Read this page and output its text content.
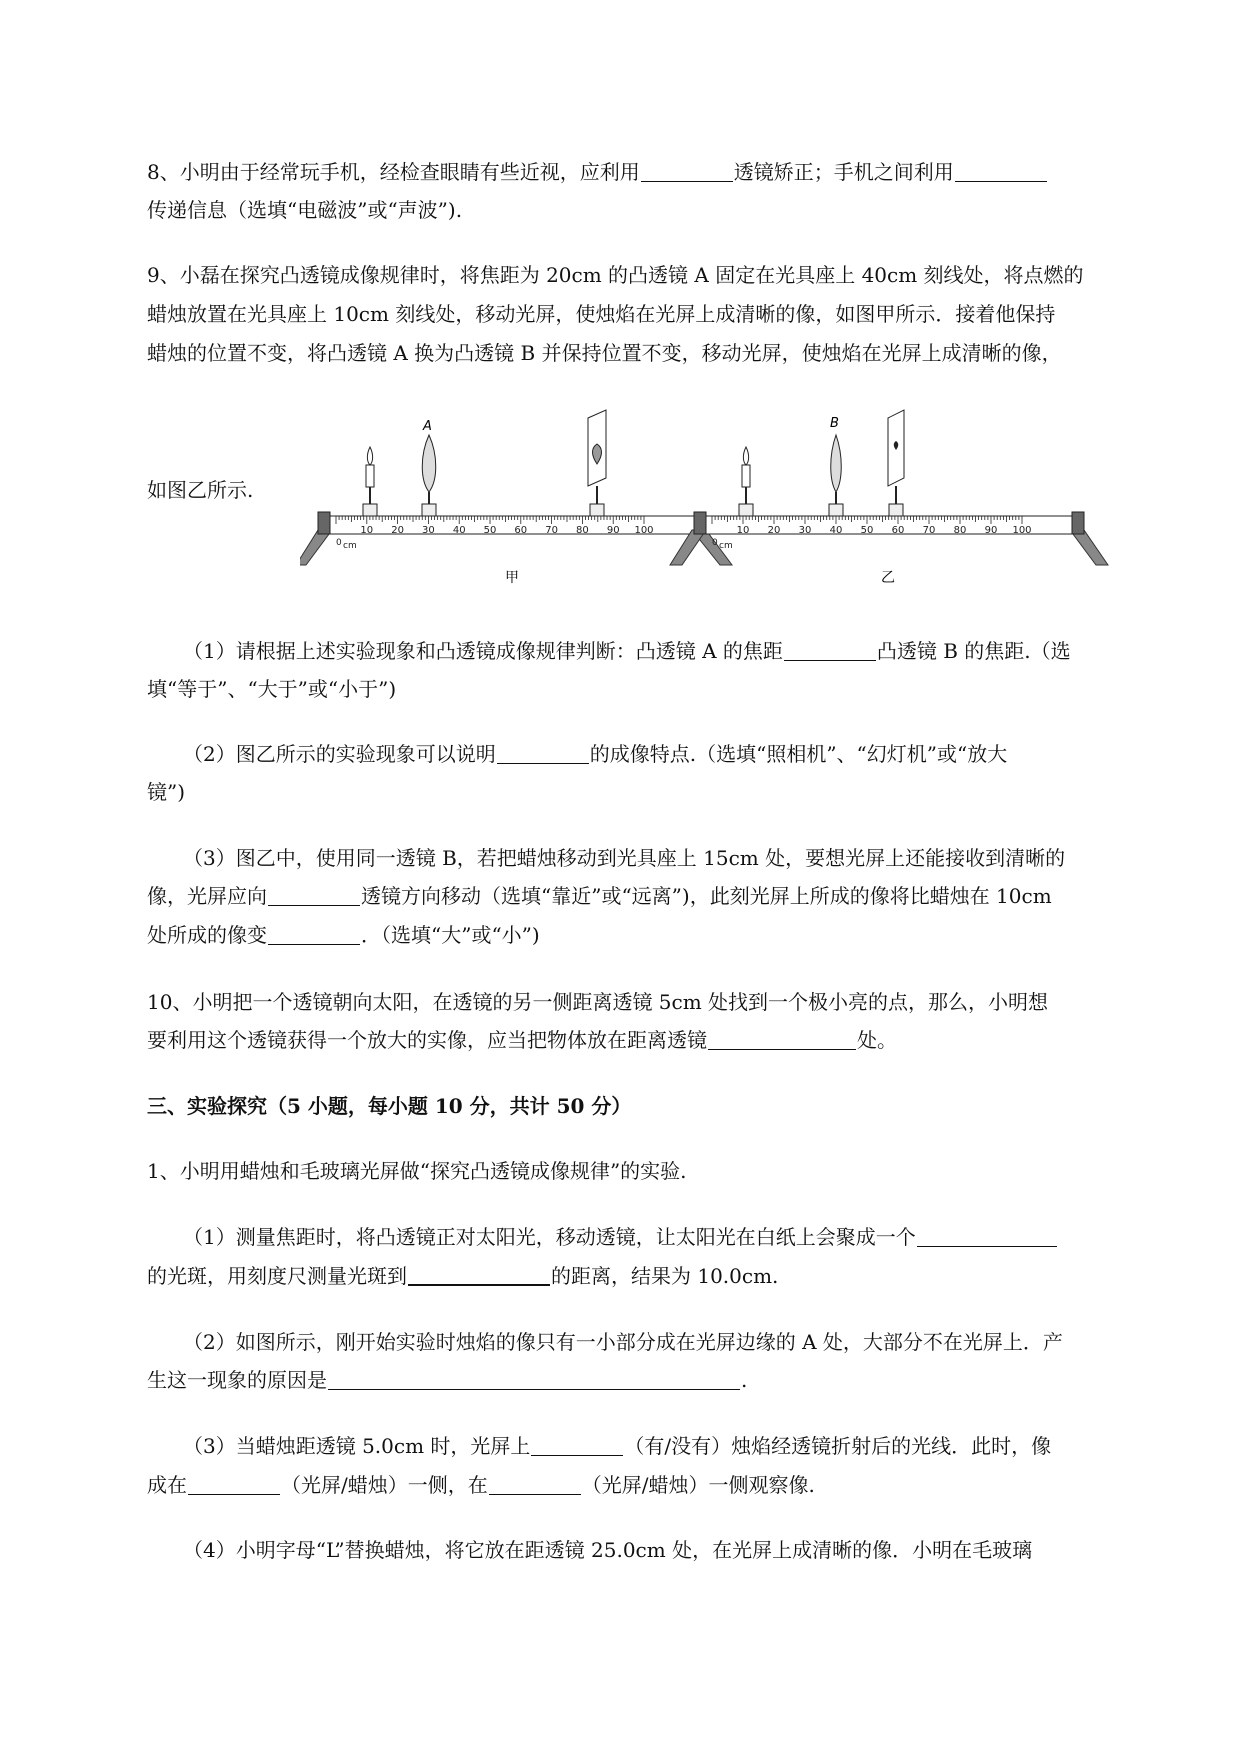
8、小明由于经常玩手机，经检查眼睛有些近视，应利用	透镜矫正；手机之间利用
传递信息（选填“电磁波”或“声波”).
9、小磊在探究凸透镜成像规律时，将焦距为 20cm 的凸透镜 A 固定在光具座上 40cm 刻线处，将点燃的
蜡烛放置在光具座上 10cm 刻线处，移动光屏，使烛焰在光屏上成清晰的像，如图甲所示．接着他保持
蜡烛的位置不变，将凸透镜 A 换为凸透镜 B 并保持位置不变，移动光屏，使烛焰在光屏上成清晰的像，
如图乙所示.
0 cm
10 20 30 40 50 60 70 80 90 100
A
甲
0 cm
10 20 30 40 50 60 70 80 90 100
B
乙
（1）请根据上述实验现象和凸透镜成像规律判断：凸透镜 A 的焦距	凸透镜 B 的焦距.（选
填“等于”、“大于”或“小于”)
（2）图乙所示的实验现象可以说明	的成像特点.（选填“照相机”、“幻灯机”或“放大
镜”)
（3）图乙中，使用同一透镜 B，若把蜡烛移动到光具座上 15cm 处，要想光屏上还能接收到清晰的
像，光屏应向	透镜方向移动（选填“靠近”或“远离”)，此刻光屏上所成的像将比蜡烛在 10cm
处所成的像变	．（选填“大”或“小”)
10、小明把一个透镜朝向太阳，在透镜的另一侧距离透镜 5cm 处找到一个极小亮的点，那么，小明想
要利用这个透镜获得一个放大的实像，应当把物体放在距离透镜	处。
三、实验探究（5 小题，每小题 10 分，共计 50 分）
1、小明用蜡烛和毛玻璃光屏做“探究凸透镜成像规律”的实验.
（1）测量焦距时，将凸透镜正对太阳光，移动透镜，让太阳光在白纸上会聚成一个
的光斑，用刻度尺测量光斑到	的距离，结果为 10.0cm.
（2）如图所示，刚开始实验时烛焰的像只有一小部分成在光屏边缘的 A 处，大部分不在光屏上．产
生这一现象的原因是	.
（3）当蜡烛距透镜 5.0cm 时，光屏上	（有/没有）烛焰经透镜折射后的光线．此时，像
成在	（光屏/蜡烛）一侧，在	（光屏/蜡烛）一侧观察像.
（4）小明字母“L”替换蜡烛，将它放在距透镜 25.0cm 处，在光屏上成清晰的像．小明在毛玻璃
